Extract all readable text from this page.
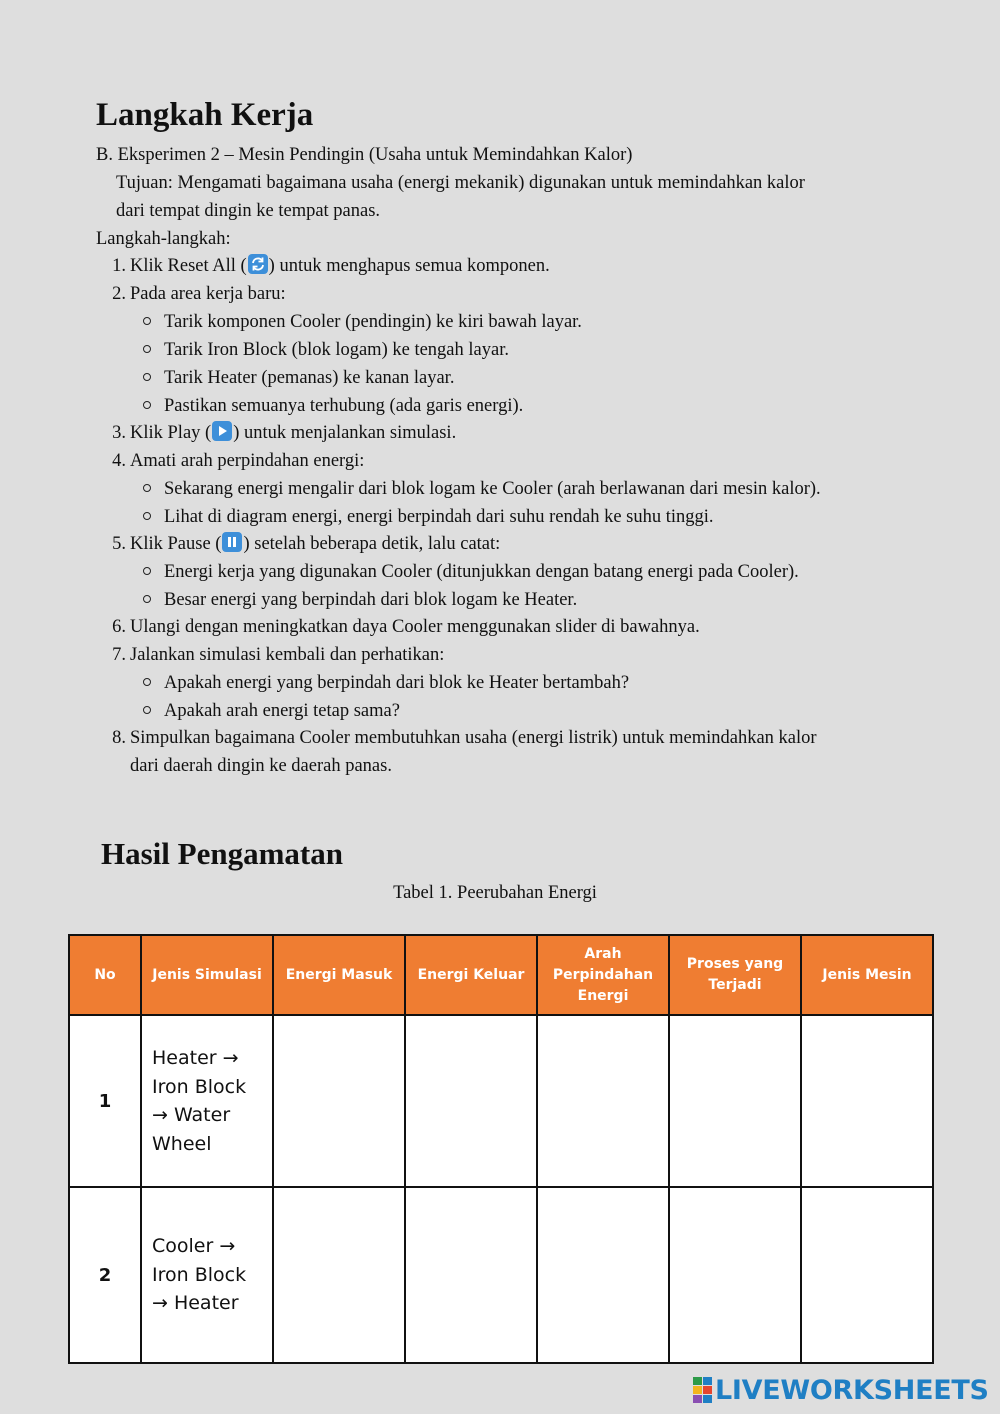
Langkah Kerja
B. Eksperimen 2 – Mesin Pendingin (Usaha untuk Memindahkan Kalor)
Tujuan: Mengamati bagaimana usaha (energi mekanik) digunakan untuk memindahkan kalor
dari tempat dingin ke tempat panas.
Langkah-langkah:
1. Klik Reset All ( ) untuk menghapus semua komponen.
2. Pada area kerja baru:
Tarik komponen Cooler (pendingin) ke kiri bawah layar.
Tarik Iron Block (blok logam) ke tengah layar.
Tarik Heater (pemanas) ke kanan layar.
Pastikan semuanya terhubung (ada garis energi).
3. Klik Play ( ) untuk menjalankan simulasi.
4. Amati arah perpindahan energi:
Sekarang energi mengalir dari blok logam ke Cooler (arah berlawanan dari mesin kalor).
Lihat di diagram energi, energi berpindah dari suhu rendah ke suhu tinggi.
5. Klik Pause ( ) setelah beberapa detik, lalu catat:
Energi kerja yang digunakan Cooler (ditunjukkan dengan batang energi pada Cooler).
Besar energi yang berpindah dari blok logam ke Heater.
6. Ulangi dengan meningkatkan daya Cooler menggunakan slider di bawahnya.
7. Jalankan simulasi kembali dan perhatikan:
Apakah energi yang berpindah dari blok ke Heater bertambah?
Apakah arah energi tetap sama?
8. Simpulkan bagaimana Cooler membutuhkan usaha (energi listrik) untuk memindahkan kalor
dari daerah dingin ke daerah panas.
Hasil Pengamatan
Tabel 1. Peerubahan Energi
No	Jenis Simulasi	Energi Masuk	Energi Keluar	Arah Perpindahan Energi	Proses yang Terjadi	Jenis Mesin
1	Heater → Iron Block → Water Wheel					
2	Cooler → Iron Block → Heater					
LIVEWORKSHEETS
